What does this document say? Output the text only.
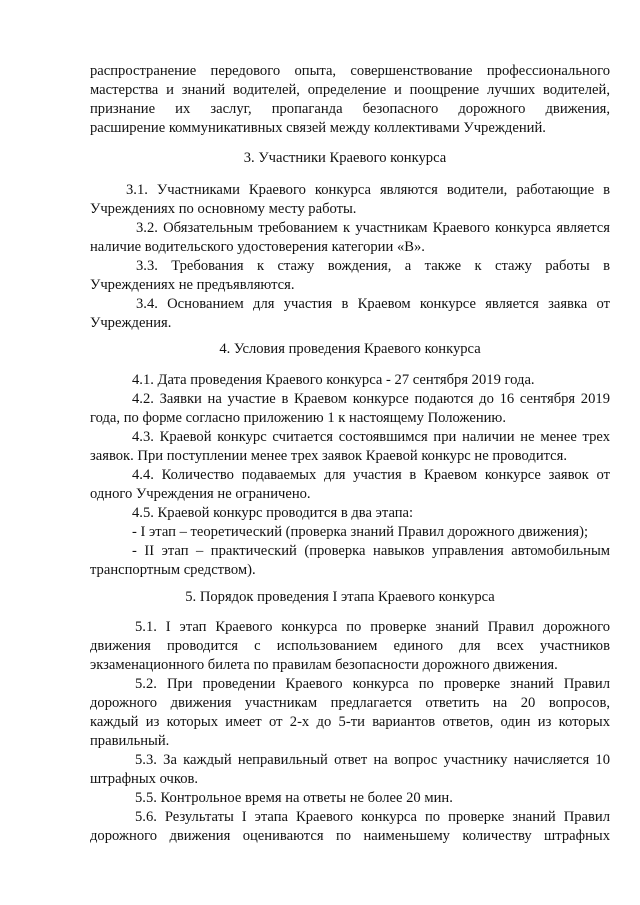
распространение передового опыта, совершенствование профессионального
мастерства и знаний водителей, определение и поощрение лучших водителей,
признание их заслуг, пропаганда безопасного дорожного движения,
расширение коммуникативных связей между коллективами Учреждений.
3. Участники Краевого конкурса
3.1. Участниками Краевого конкурса являются водители, работающие в
Учреждениях по основному месту работы.
3.2. Обязательным требованием к участникам Краевого конкурса является
наличие водительского удостоверения категории «В».
3.3. Требования к стажу вождения, а также к стажу работы в
Учреждениях не предъявляются.
3.4. Основанием для участия в Краевом конкурсе является заявка от
Учреждения.
4. Условия проведения Краевого конкурса
4.1. Дата проведения Краевого конкурса - 27 сентября 2019 года.
4.2. Заявки на участие в Краевом конкурсе подаются до 16 сентября 2019
года, по форме согласно приложению 1 к настоящему Положению.
4.3. Краевой конкурс считается состоявшимся при наличии не менее трех
заявок. При поступлении менее трех заявок Краевой конкурс не проводится.
4.4. Количество подаваемых для участия в Краевом конкурсе заявок от
одного Учреждения не ограничено.
4.5. Краевой конкурс проводится в два этапа:
- I этап – теоретический (проверка знаний Правил дорожного движения);
- II этап – практический (проверка навыков управления автомобильным
транспортным средством).
5. Порядок проведения I этапа Краевого конкурса
5.1. I этап Краевого конкурса по проверке знаний Правил дорожного
движения проводится с использованием единого для всех участников
экзаменационного билета по правилам безопасности дорожного движения.
5.2. При проведении Краевого конкурса по проверке знаний Правил
дорожного движения участникам предлагается ответить на 20 вопросов,
каждый из которых имеет от 2-х до 5-ти вариантов ответов, один из которых
правильный.
5.3. За каждый неправильный ответ на вопрос участнику начисляется 10
штрафных очков.
5.5. Контрольное время на ответы не более 20 мин.
5.6. Результаты I этапа Краевого конкурса по проверке знаний Правил
дорожного движения оцениваются по наименьшему количеству штрафных
